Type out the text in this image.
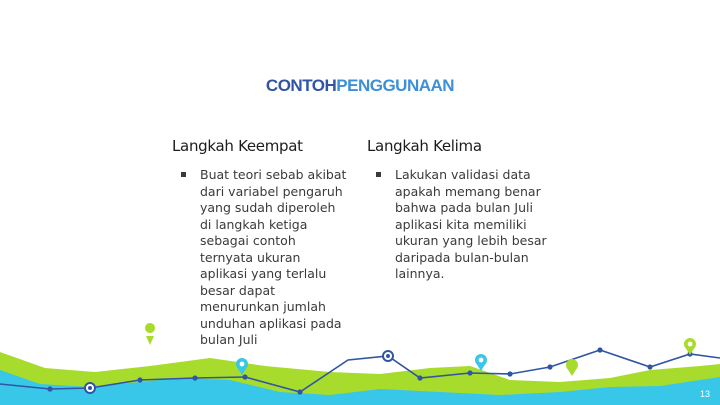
CONTOHPENGGUNAAN
Langkah Keempat
Buat teori sebab akibat dari variabel pengaruh yang sudah diperoleh di langkah ketiga sebagai contoh ternyata ukuran aplikasi yang terlalu besar dapat menurunkan jumlah unduhan aplikasi pada bulan Juli
Langkah Kelima
Lakukan validasi data apakah memang benar bahwa pada bulan Juli aplikasi kita memiliki ukuran yang lebih besar daripada bulan-bulan lainnya.
13
